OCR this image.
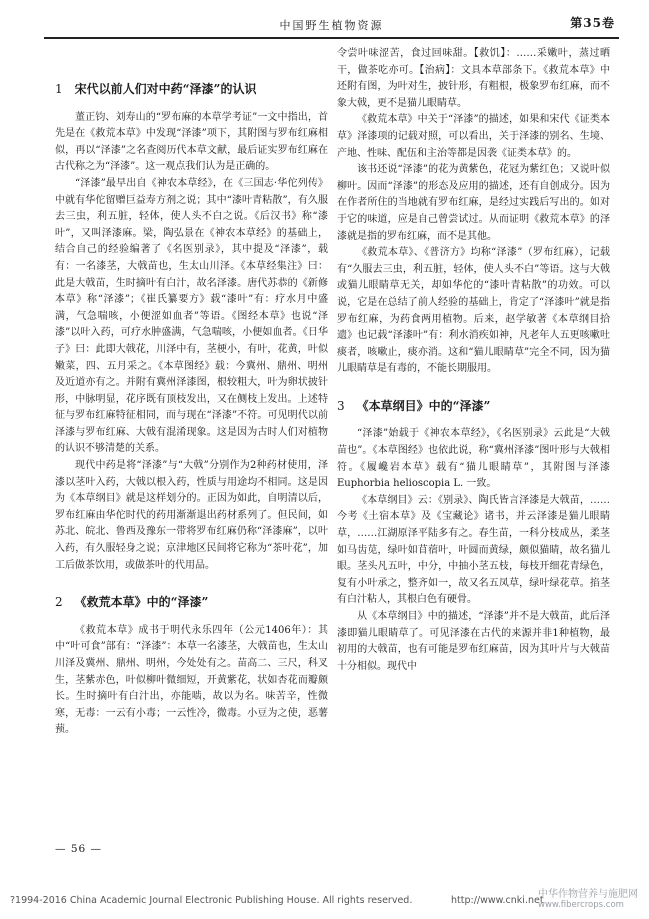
中国野生植物资源	第35卷
1 宋代以前人们对中药“泽漆”的认识

董正钧、刘寿山的“罗布麻的本草学考证”一文中指出，首先是在《救荒本草》中发现“泽漆”项下，其附图与罗布红麻相似，再以“泽漆”之名查阅历代本草文献，最后证实罗布红麻在古代称之为“泽漆”。这一观点我们认为是正确的。

“泽漆”最早出自《神农本草经》，在《三国志·华佗列传》中就有华佗留赠巨益寿方剂之说；其中“漆叶青粘散”，有久服去三虫，利五脏，轻体，使人头不白之说。《后汉书》称“漆叶”，又叫泽漆麻。梁，陶弘景在《神农本草经》的基础上，结合自己的经验编著了《名医别录》，其中提及“泽漆”，载有：一名漆茎，大戟苗也，生太山川泽。《本草经集注》曰：此是大戟苗，生时摘叶有白汁，故名泽漆。唐代苏恭的《新修本草》称“泽漆”；《崔氏纂要方》载“漆叶”有：疗水月中盛满，气急喘咳，小便涩如血者”等语。《图经本草》也说“泽漆”以叶入药，可疗水肿盛满，气急喘咳，小便如血者。《日华子》曰：此即大戟花，川泽中有，茎梗小，有叶，花黄，叶似嫩菜，四、五月采之。《本草图经》载：今冀州、鼎州、明州及近道亦有之。并附有冀州泽漆图，根较粗大，叶为卵状披针形，中脉明显，花序既有顶枝发出，又在侧枝上发出。上述特征与罗布红麻特征相同，而与现在“泽漆”不符。可见明代以前泽漆与罗布红麻、大戟有混淆现象。这是因为古时人们对植物的认识不够清楚的关系。

现代中药是将“泽漆”与“大戟”分别作为2种药材使用，泽漆以茎叶入药，大戟以根入药，性质与用途均不相同。这是因为《本草纲目》就是这样划分的。正因为如此，自明清以后，罗布红麻由华佗时代的药用渐渐退出药材系列了。但民间，如苏北、皖北、鲁西及豫东一带将罗布红麻仍称“泽漆麻”，以叶入药，有久服轻身之说；京津地区民间将它称为“茶叶花”，加工后做茶饮用，或做茶叶的代用品。

2 《救荒本草》中的“泽漆”

《救荒本草》成书于明代永乐四年（公元1406年）：其中“叶可食”部有：“泽漆”：本草一名漆茎，大戟苗也，生太山川泽及冀州、鼎州、明州，今处处有之。苗高二、三尺，科叉生，茎紫赤色，叶似柳叶微细短，开黄紫花，状如杏花而瓣颇长。生时摘叶有白汁出，亦能啮，故以为名。味苦辛，性微寒，无毒：一云有小毒；一云性冷，微毒。小豆为之使，恶薯蓣。

令尝叶味涩苦，食过回味甜。【救饥】：……采嫩叶，蒸过晒干，做茶吃亦可。【治病】：文具本草部条下。《救荒本草》中还附有图，为叶对生，披针形，有粗根，极象罗布红麻，而不象大戟，更不是猫儿眼睛草。

《救荒本草》中关于“泽漆”的描述，如果和宋代《证类本草》泽漆项的记载对照，可以看出，关于泽漆的别名、生境、产地、性味、配伍和主治等都是因袭《证类本草》的。

该书还说“泽漆”的花为黄紫色，花冠为紫红色；又说叶似柳叶。因而“泽漆”的形态及应用的描述，还有自创成分。因为在作者所住的当地就有罗布红麻，是经过实践后写出的。如对于它的味道，应是自己曾尝试过。从而证明《救荒本草》的泽漆就是指的罗布红麻，而不是其他。

《救荒本草》、《普济方》均称“泽漆”（罗布红麻），记载有“久服去三虫，利五脏，轻体，使人头不白”等语。这与大戟或猫儿眼睛草无关，却如华佗的“漆叶青粘散”的功效。可以说，它是在总结了前人经验的基础上，肯定了“泽漆叶”就是指罗布红麻，为药食两用植物。后来，赵学敏著《本草纲目拾遗》也记载“泽漆叶”有：利水消疾如神，凡老年人五更咳嗽吐痰者，咳嗽止，痰亦消。这和“猫儿眼睛草”完全不同，因为猫儿眼睛草是有毒的，不能长期服用。

3 《本草纲目》中的“泽漆”

“泽漆”始载于《神农本草经》，《名医别录》云此是“大戟苗也”。《本草图经》也依此说，称“冀州泽漆”图叶形与大戟相符。《履巉岩本草》载有“猫儿眼睛草”，其附图与泽漆 Euphorbia helioscopia L. 一致。

《本草纲目》云：《别录》、陶氏皆言泽漆是大戟苗，……今考《土宿本草》及《宝藏论》诸书，并云泽漆是猫儿眼睛草，……江湖原泽平陆多有之。春生苗，一科分枝成丛，柔茎如马齿苋，绿叶如苜蓿叶，叶圆而黄绿，颇似猫睛，故名猫儿眼。茎头凡五叶，中分，中抽小茎五枝，每枝开细花青绿色，复有小叶承之，整齐如一，故又名五凤草，绿叶绿花草。掐茎有白汁粘人，其根白色有硬骨。

从《本草纲目》中的描述，“泽漆”并不是大戟苗，此后泽漆即猫儿眼睛草了。可见泽漆在古代的来源并非1种植物，最初用的大戟苗，也有可能是罗布红麻苗，因为其叶片与大戟苗十分相似。现代中

— 56 —
?1994-2016 China Academic Journal Electronic Publishing House. All rights reserved.	http://www.cnki.net
中华作物营养与施肥网
www.fibercrops.com
